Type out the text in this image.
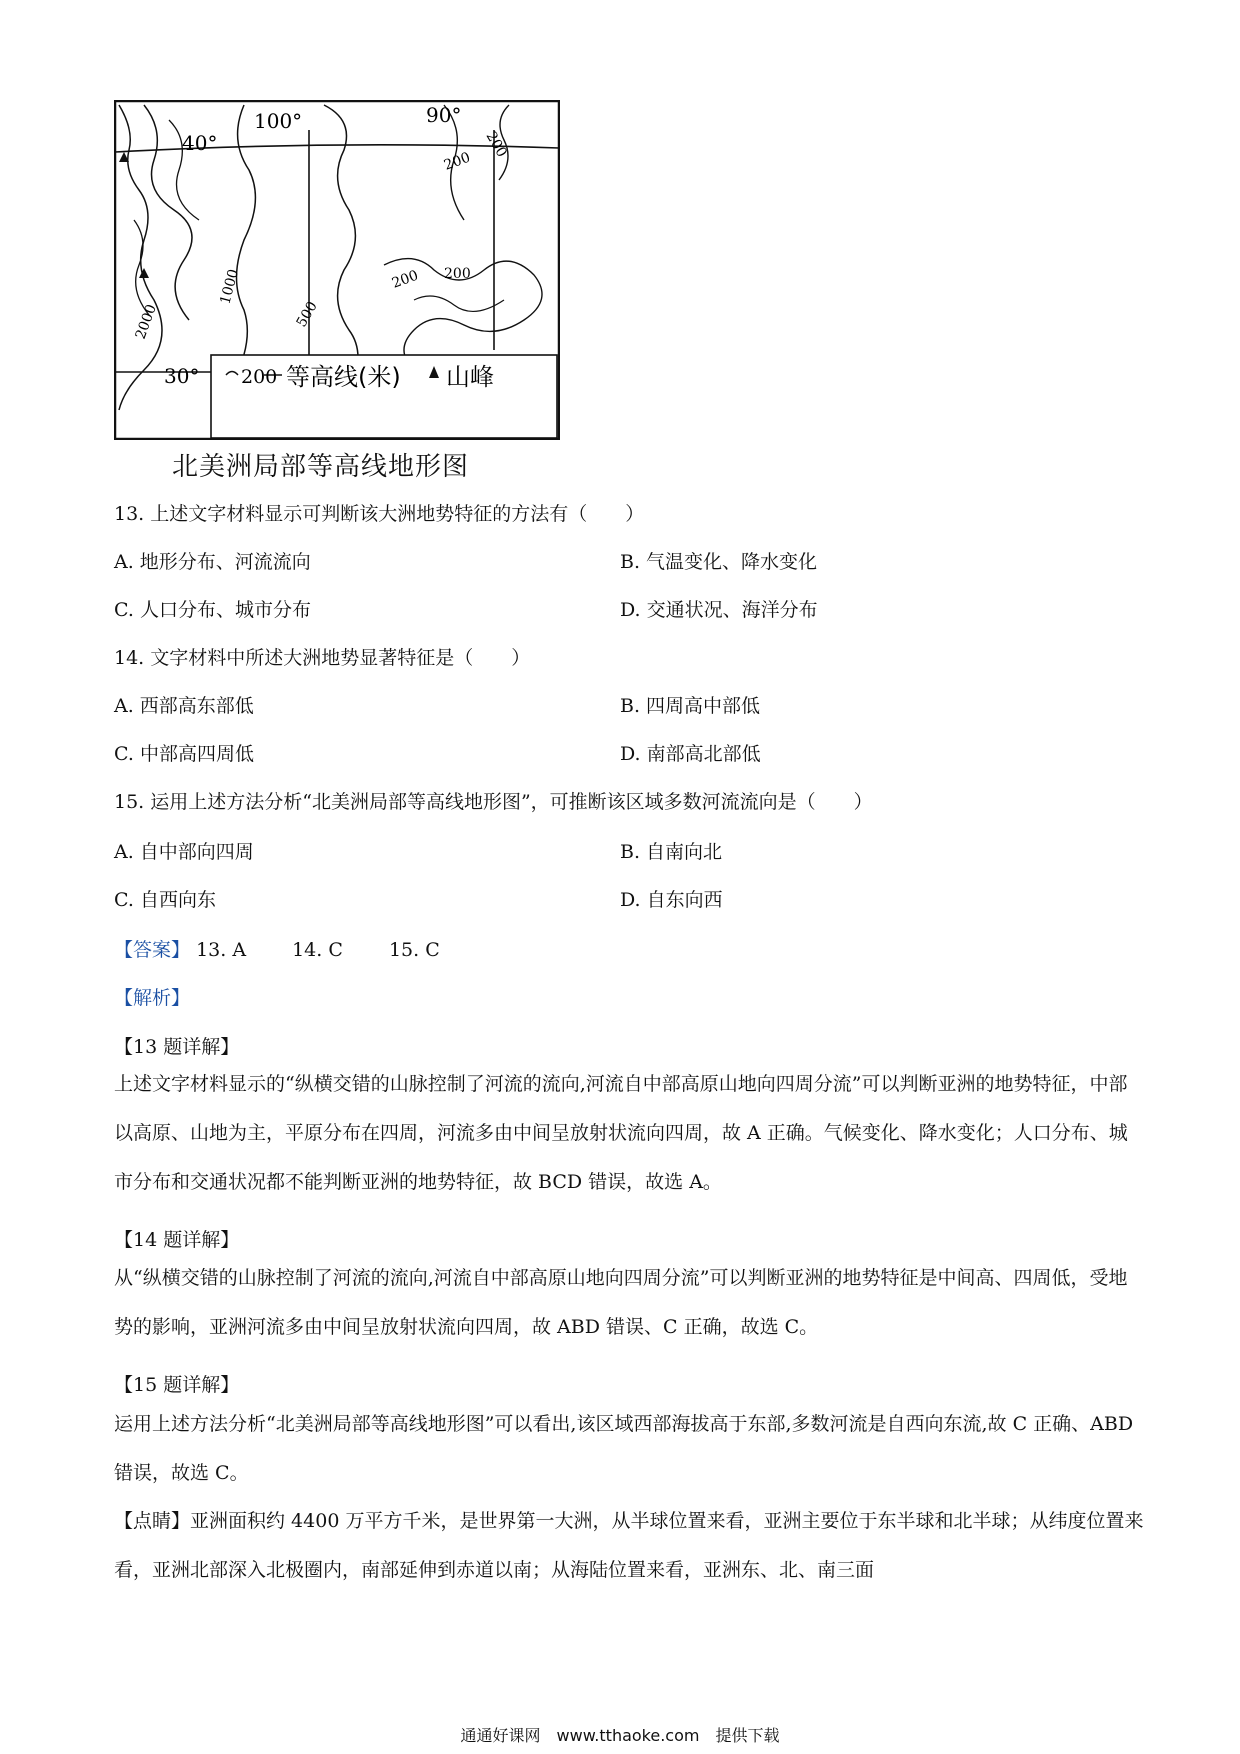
100°	90°
40°
30°
2000
1000
500
200
200
200 200
200 等高线(米) 山峰
北美洲局部等高线地形图
13. 上述文字材料显示可判断该大洲地势特征的方法有（　　）
A. 地形分布、河流流向	B. 气温变化、降水变化
C. 人口分布、城市分布	D. 交通状况、海洋分布
14. 文字材料中所述大洲地势显著特征是（　　）
A. 西部高东部低	B. 四周高中部低
C. 中部高四周低	D. 南部高北部低
15. 运用上述方法分析“北美洲局部等高线地形图”，可推断该区域多数河流流向是（　　）
A. 自中部向四周	B. 自南向北
C. 自西向东	D. 自东向西
【答案】 13. A 14. C 15. C
【解析】
【13 题详解】
上述文字材料显示的“纵横交错的山脉控制了河流的流向,河流自中部高原山地向四周分流”可以判断亚洲的地势特征，中部以高原、山地为主，平原分布在四周，河流多由中间呈放射状流向四周，故 A 正确。气候变化、降水变化；人口分布、城市分布和交通状况都不能判断亚洲的地势特征，故 BCD 错误，故选 A。
【14 题详解】
从“纵横交错的山脉控制了河流的流向,河流自中部高原山地向四周分流”可以判断亚洲的地势特征是中间高、四周低，受地势的影响，亚洲河流多由中间呈放射状流向四周，故 ABD 错误、C 正确，故选 C。
【15 题详解】
运用上述方法分析“北美洲局部等高线地形图”可以看出,该区域西部海拔高于东部,多数河流是自西向东流,故 C 正确、ABD 错误，故选 C。
【点睛】亚洲面积约 4400 万平方千米，是世界第一大洲，从半球位置来看，亚洲主要位于东半球和北半球；从纬度位置来看，亚洲北部深入北极圈内，南部延伸到赤道以南；从海陆位置来看，亚洲东、北、南三面
通通好课网　www.tthaoke.com　提供下载
